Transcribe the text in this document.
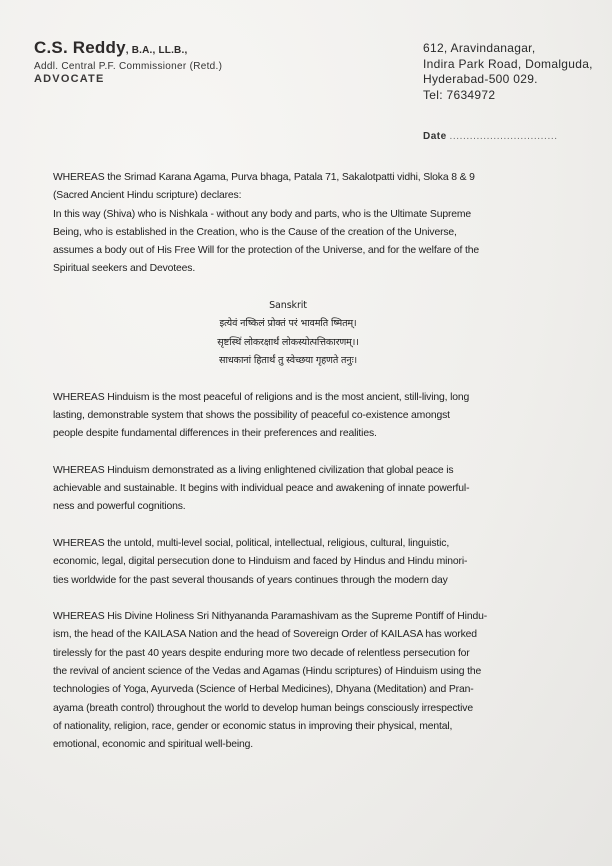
C.S. Reddy, B.A., LL.B.,
Addl. Central P.F. Commissioner (Retd.)
ADVOCATE
612, Aravindanagar,
Indira Park Road, Domalguda,
Hyderabad-500 029.
Tel: 7634972
Date ................................
WHEREAS the Srimad Karana Agama, Purva bhaga, Patala 71, Sakalotpatti vidhi, Sloka 8 & 9
(Sacred Ancient Hindu scripture) declares:
In this way (Shiva) who is Nishkala - without any body and parts, who is the Ultimate Supreme
Being, who is established in the Creation, who is the Cause of the creation of the Universe,
assumes a body out of His Free Will for the protection of the Universe, and for the welfare of the
Spiritual seekers and Devotees.
Sanskrit
इत्येवं नष्किलं प्रोक्तं परं भावमति ष्मितम्।
सृष्टस्थिं लोकरक्षार्थं लोकस्योत्पत्तिकारणम्।।
साधकानां हितार्थं तु स्वेच्छया गृहणते तनुः।
WHEREAS Hinduism is the most peaceful of religions and is the most ancient, still-living, long
lasting, demonstrable system that shows the possibility of peaceful co-existence amongst
people despite fundamental differences in their preferences and realities.
WHEREAS Hinduism demonstrated as a living enlightened civilization that global peace is
achievable and sustainable. It begins with individual peace and awakening of innate powerful-
ness and powerful cognitions.
WHEREAS the untold, multi-level social, political, intellectual, religious, cultural, linguistic,
economic, legal, digital persecution done to Hinduism and faced by Hindus and Hindu minori-
ties worldwide for the past several thousands of years continues through the modern day
WHEREAS His Divine Holiness Sri Nithyananda Paramashivam as the Supreme Pontiff of Hindu-
ism, the head of the KAILASA Nation and the head of Sovereign Order of KAILASA has worked
tirelessly for the past 40 years despite enduring more two decade of relentless persecution for
the revival of ancient science of the Vedas and Agamas (Hindu scriptures) of Hinduism using the
technologies of Yoga, Ayurveda (Science of Herbal Medicines), Dhyana (Meditation) and Pran-
ayama (breath control) throughout the world to develop human beings consciously irrespective
of nationality, religion, race, gender or economic status in improving their physical, mental,
emotional, economic and spiritual well-being.
